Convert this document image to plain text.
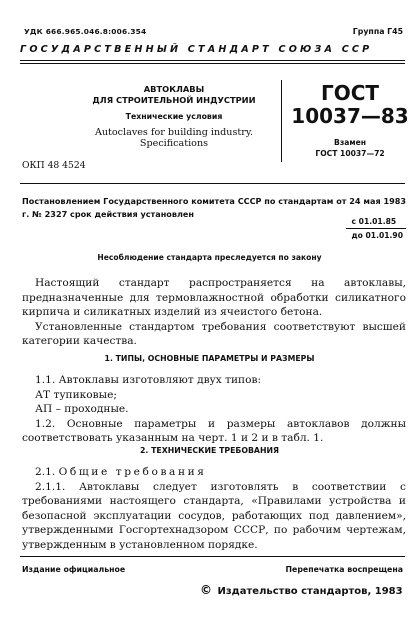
УДК 666.965.046.8:006.354	Группа Г45
ГОСУДАРСТВЕННЫЙ СТАНДАРТ СОЮЗА ССР
АВТОКЛАВЫ
ДЛЯ СТРОИТЕЛЬНОЙ ИНДУСТРИИ
Технические условия
Autoclaves for building industry.
Specifications
ОКП 48 4524
ГОСТ
10037—83
Взамен
ГОСТ 10037—72
Постановлением Государственного комитета СССР по стандартам от 24 мая 1983 г. № 2327 срок действия установлен
с 01.01.85
до 01.01.90
Несоблюдение стандарта преследуется по закону

Настоящий стандарт распространяется на автоклавы, предназначенные для термовлажностной обработки силикатного кирпича и силикатных изделий из ячеистого бетона.

Установленные стандартом требования соответствуют высшей категории качества.

1. ТИПЫ, ОСНОВНЫЕ ПАРАМЕТРЫ И РАЗМЕРЫ

1.1. Автоклавы изготовляют двух типов:

АТ тупиковые;

АП – проходные.

1.2. Основные параметры и размеры автоклавов должны соответствовать указанным на черт. 1 и 2 и в табл. 1.

2. ТЕХНИЧЕСКИЕ ТРЕБОВАНИЯ

2.1. Общие требования

2.1.1. Автоклавы следует изготовлять в соответствии с требованиями настоящего стандарта, «Правилами устройства и безопасной эксплуатации сосудов, работающих под давлением», утвержденными Госгортехнадзором СССР, по рабочим чертежам, утвержденным в установленном порядке.

Издание официальное	Перепечатка воспрещена
© Издательство стандартов, 1983
